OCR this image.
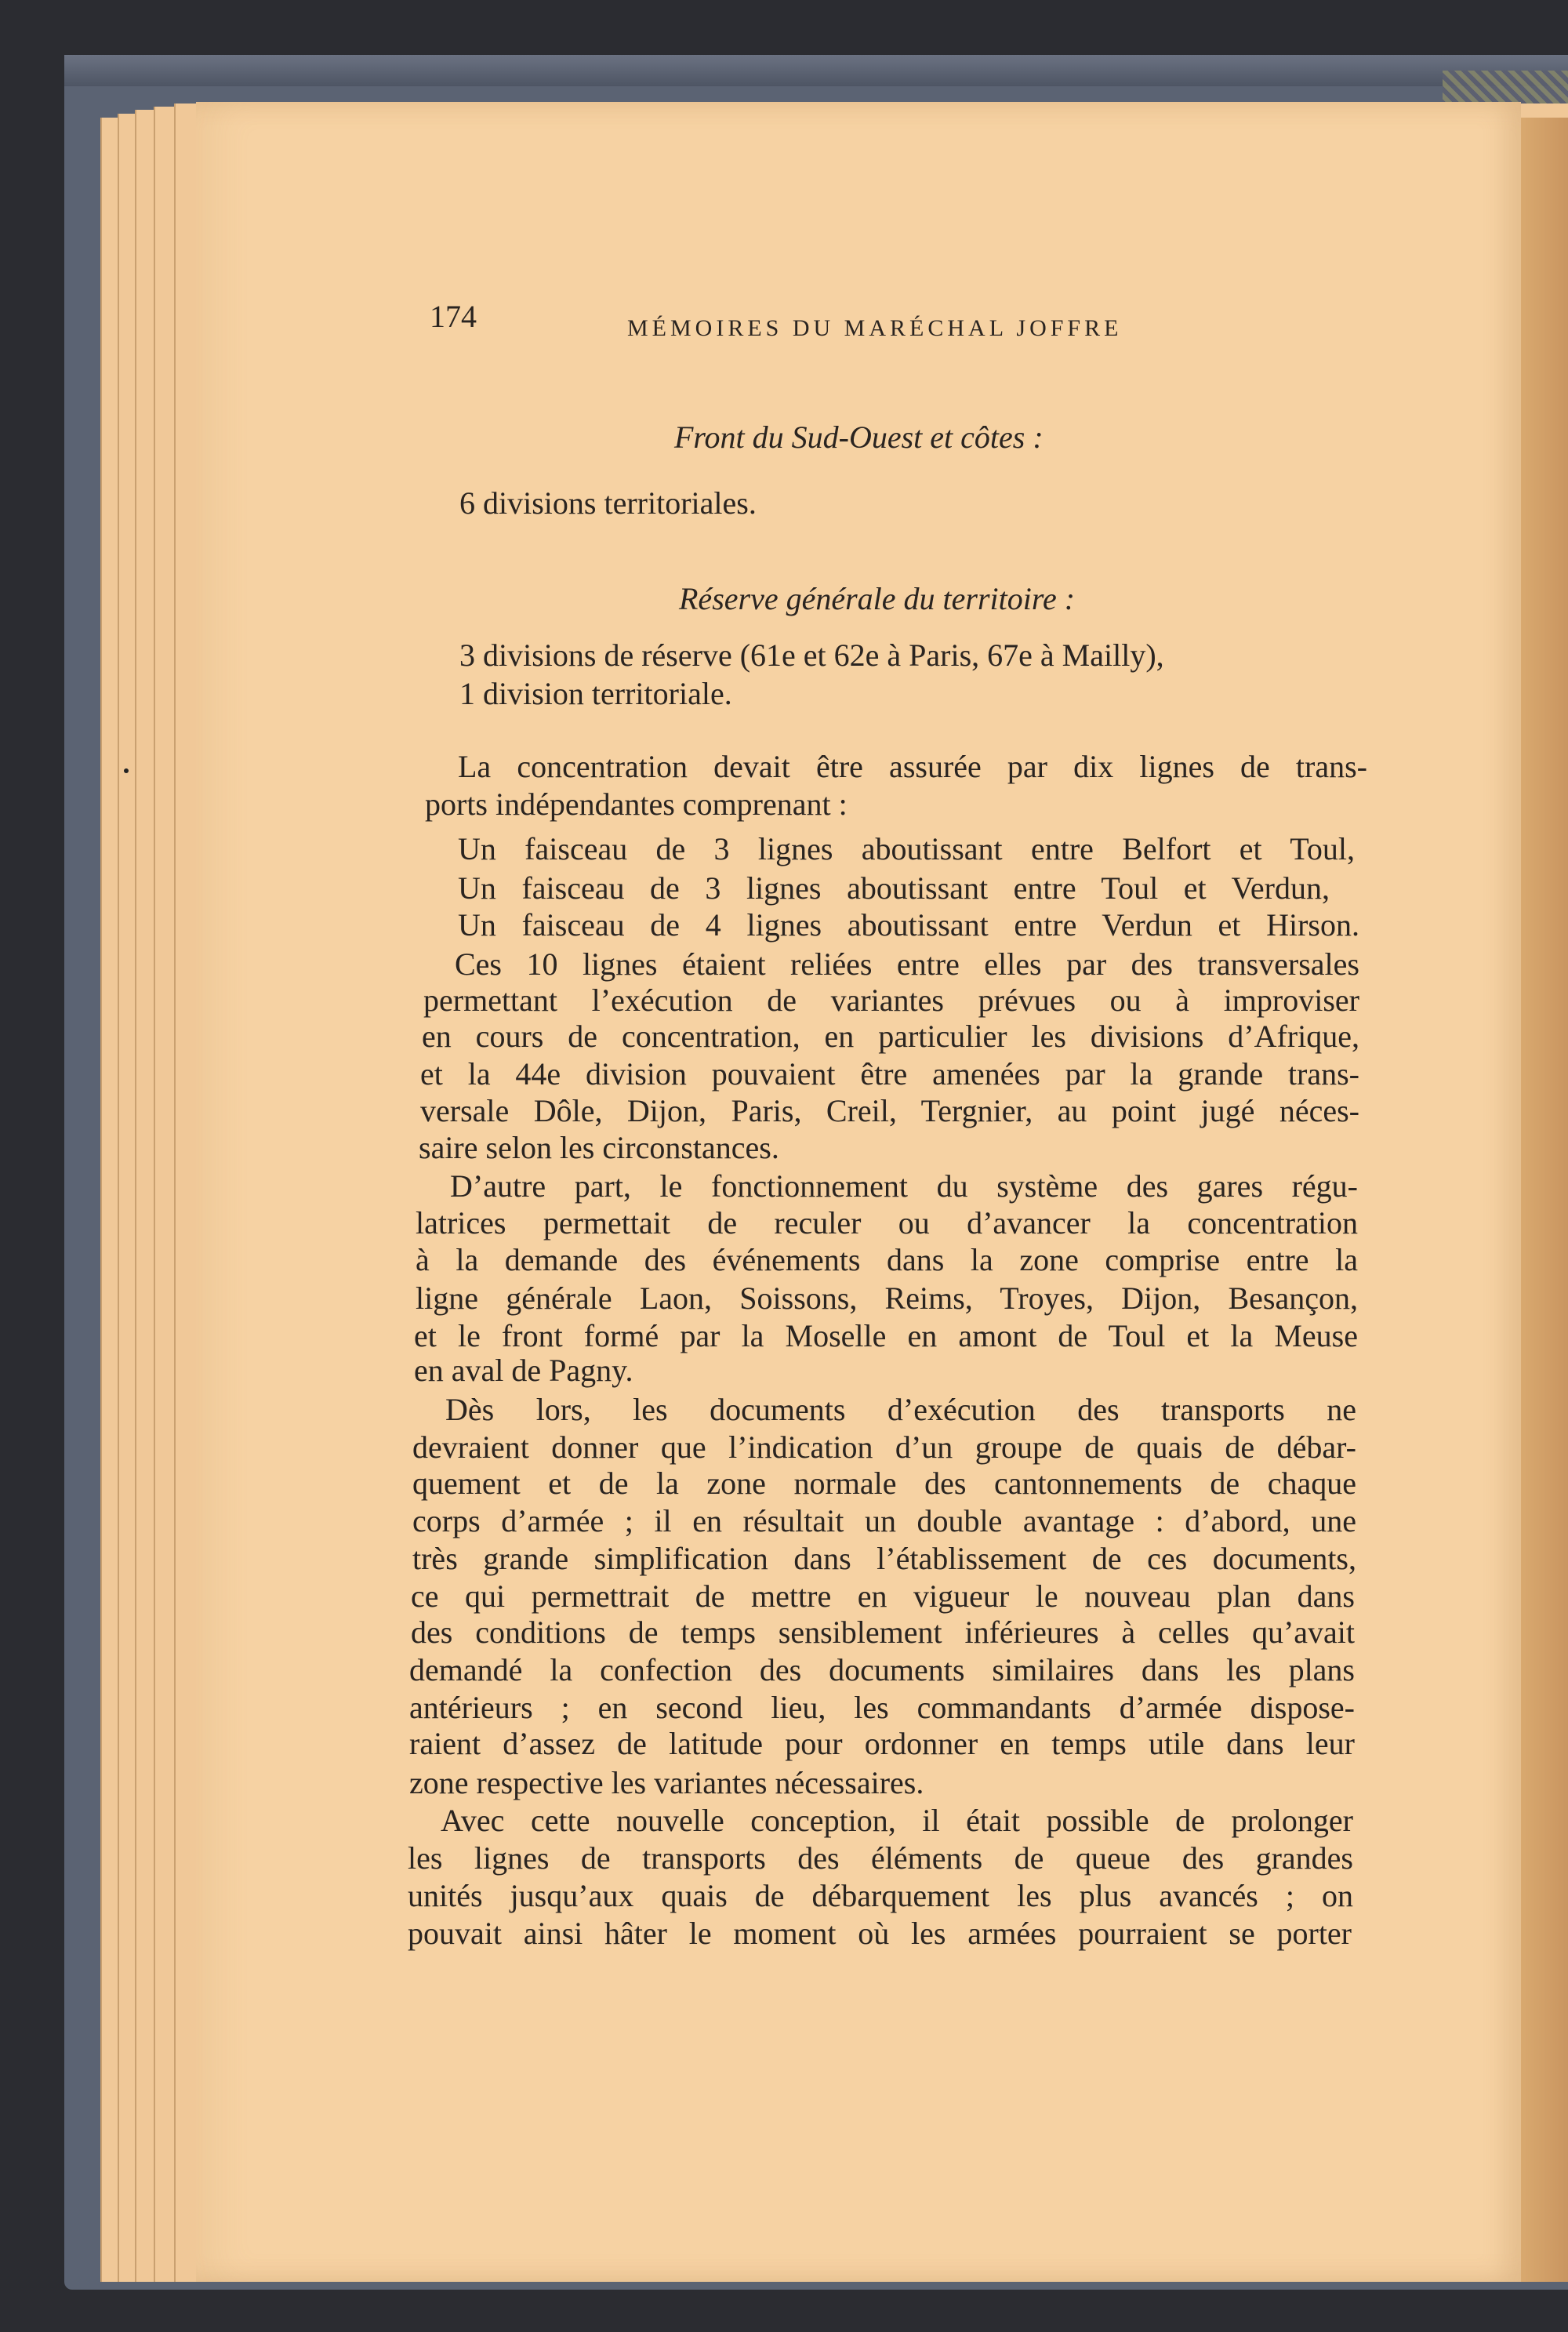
174	MÉMOIRES DU MARÉCHAL JOFFRE
Front du Sud-Ouest et côtes :
6 divisions territoriales.
Réserve générale du territoire :
3 divisions de réserve (61e et 62e à Paris, 67e à Mailly),
1 division territoriale.
La concentration devait être assurée par dix lignes de trans-
ports indépendantes comprenant :
Un faisceau de 3 lignes aboutissant entre Belfort et Toul,
Un faisceau de 3 lignes aboutissant entre Toul et Verdun,
Un faisceau de 4 lignes aboutissant entre Verdun et Hirson.
Ces 10 lignes étaient reliées entre elles par des transversales
permettant l’exécution de variantes prévues ou à improviser
en cours de concentration, en particulier les divisions d’Afrique,
et la 44e division pouvaient être amenées par la grande trans-
versale Dôle, Dijon, Paris, Creil, Tergnier, au point jugé néces-
saire selon les circonstances.
D’autre part, le fonctionnement du système des gares régu-
latrices permettait de reculer ou d’avancer la concentration
à la demande des événements dans la zone comprise entre la
ligne générale Laon, Soissons, Reims, Troyes, Dijon, Besançon,
et le front formé par la Moselle en amont de Toul et la Meuse
en aval de Pagny.
Dès lors, les documents d’exécution des transports ne
devraient donner que l’indication d’un groupe de quais de débar-
quement et de la zone normale des cantonnements de chaque
corps d’armée ; il en résultait un double avantage : d’abord, une
très grande simplification dans l’établissement de ces documents,
ce qui permettrait de mettre en vigueur le nouveau plan dans
des conditions de temps sensiblement inférieures à celles qu’avait
demandé la confection des documents similaires dans les plans
antérieurs ; en second lieu, les commandants d’armée dispose-
raient d’assez de latitude pour ordonner en temps utile dans leur
zone respective les variantes nécessaires.
Avec cette nouvelle conception, il était possible de prolonger
les lignes de transports des éléments de queue des grandes
unités jusqu’aux quais de débarquement les plus avancés ; on
pouvait ainsi hâter le moment où les armées pourraient se porter
